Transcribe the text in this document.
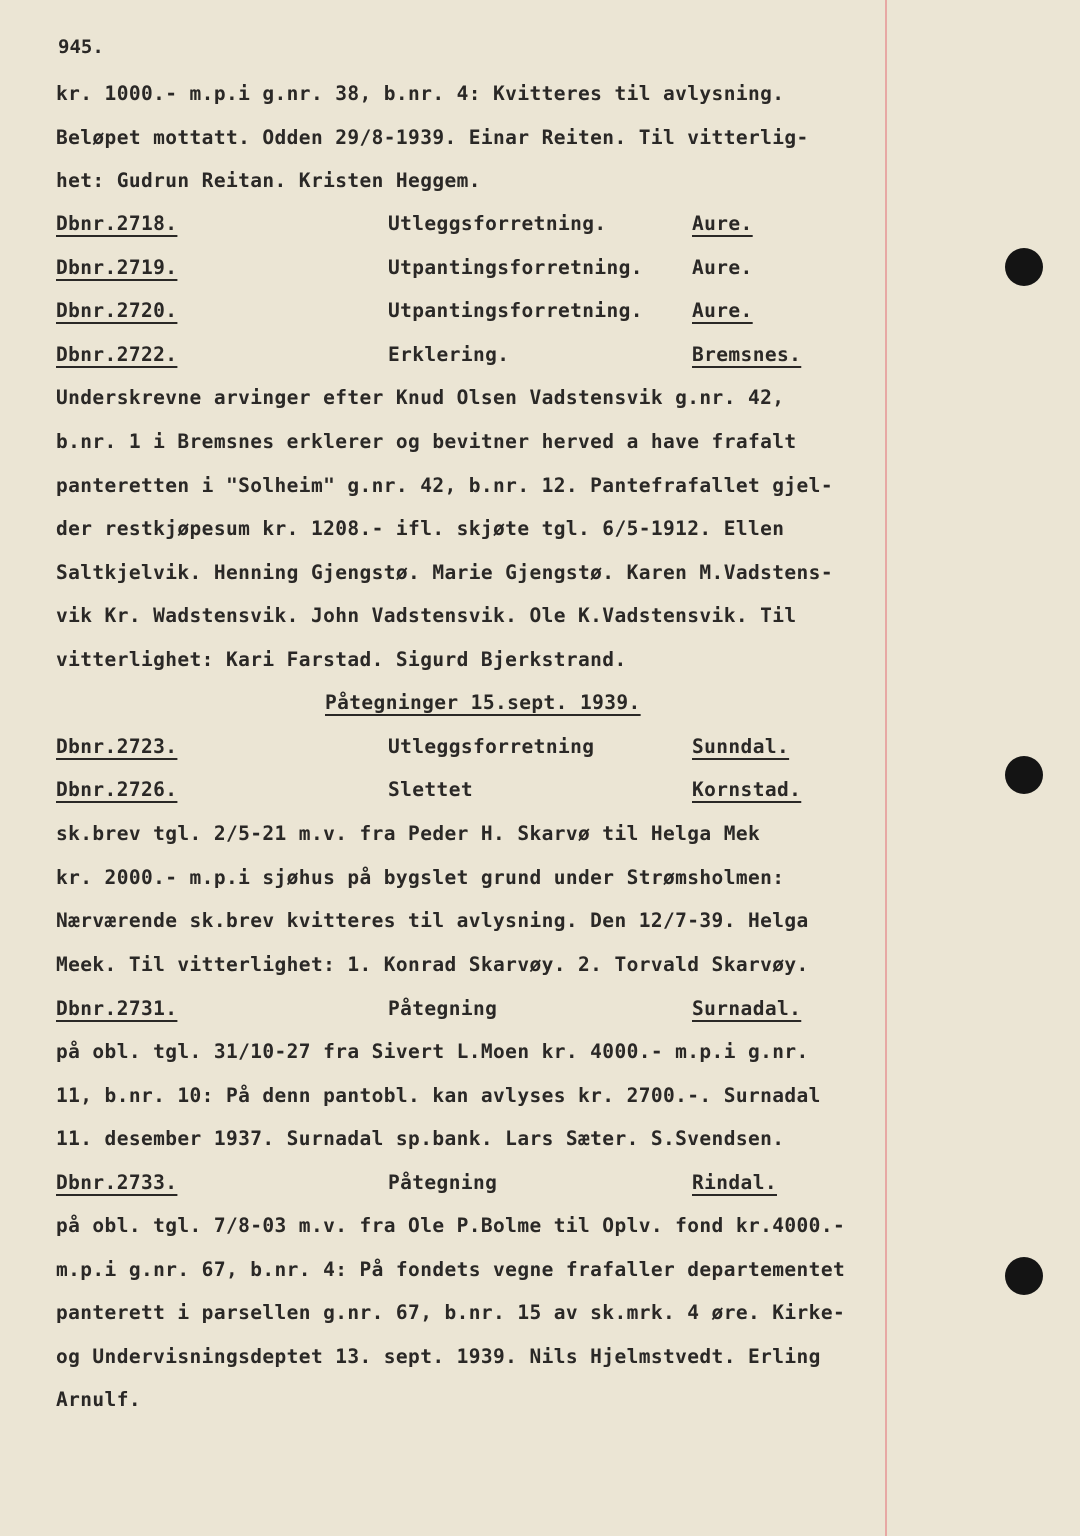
945.
kr. 1000.- m.p.i g.nr. 38, b.nr. 4: Kvitteres til avlysning.
Beløpet mottatt. Odden 29/8-1939. Einar Reiten. Til vitterlig-
het: Gudrun Reitan. Kristen Heggem.
Dbnr.2718.	Utleggsforretning.	Aure.
Dbnr.2719.	Utpantingsforretning.	Aure.
Dbnr.2720.	Utpantingsforretning.	Aure.
Dbnr.2722.	Erklering.	Bremsnes.
Underskrevne arvinger efter Knud Olsen Vadstensvik g.nr. 42,
b.nr. 1 i Bremsnes erklerer og bevitner herved a have frafalt
panteretten i "Solheim" g.nr. 42, b.nr. 12. Pantefrafallet gjel-
der restkjøpesum kr. 1208.- ifl. skjøte tgl. 6/5-1912. Ellen
Saltkjelvik. Henning Gjengstø. Marie Gjengstø. Karen M.Vadstens-
vik Kr. Wadstensvik. John Vadstensvik. Ole K.Vadstensvik. Til
vitterlighet: Kari Farstad. Sigurd Bjerkstrand.
Påtegninger 15.sept. 1939.
Dbnr.2723.	Utleggsforretning	Sunndal.
Dbnr.2726.	Slettet	Kornstad.
sk.brev tgl. 2/5-21 m.v. fra Peder H. Skarvø til Helga Mek
kr. 2000.- m.p.i sjøhus på bygslet grund under Strømsholmen:
Nærværende sk.brev kvitteres til avlysning. Den 12/7-39. Helga
Meek. Til vitterlighet: 1. Konrad Skarvøy. 2. Torvald Skarvøy.
Dbnr.2731.	Påtegning	Surnadal.
på obl. tgl. 31/10-27 fra Sivert L.Moen kr. 4000.- m.p.i g.nr.
11, b.nr. 10: På denn pantobl. kan avlyses kr. 2700.-. Surnadal
11. desember 1937. Surnadal sp.bank. Lars Sæter. S.Svendsen.
Dbnr.2733.	Påtegning	Rindal.
på obl. tgl. 7/8-03 m.v. fra Ole P.Bolme til Oplv. fond kr.4000.-
m.p.i g.nr. 67, b.nr. 4: På fondets vegne frafaller departementet
panterett i parsellen g.nr. 67, b.nr. 15 av sk.mrk. 4 øre. Kirke-
og Undervisningsdeptet 13. sept. 1939. Nils Hjelmstvedt. Erling
Arnulf.
